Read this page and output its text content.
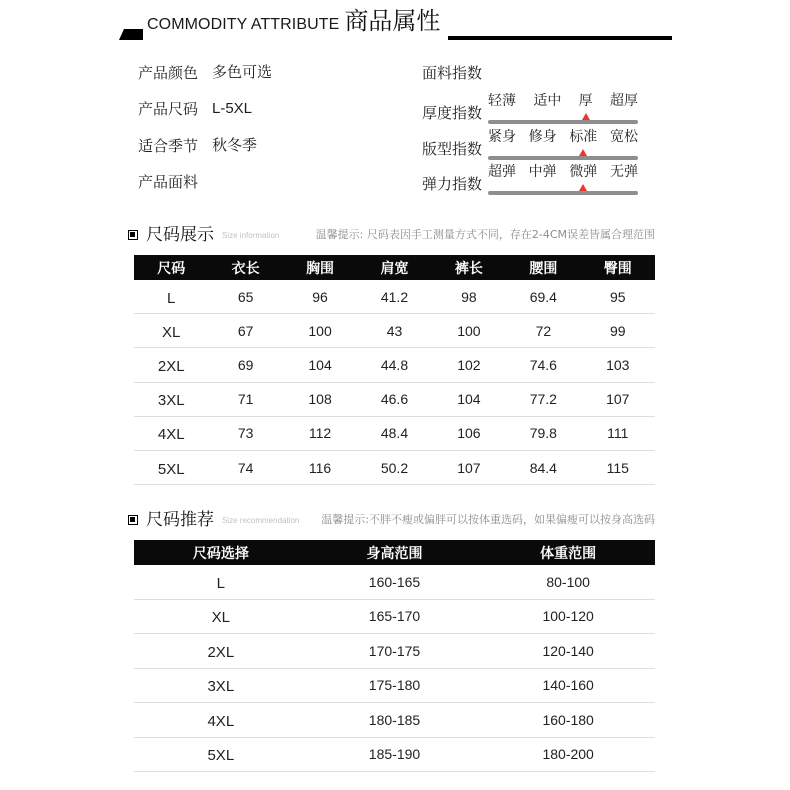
COMMODITY ATTRIBUTE 商品属性
产品颜色 多色可选
产品尺码 L-5XL
适合季节 秋冬季
产品面料
面料指数
厚度指数
轻薄 适中 厚 超厚
版型指数
紧身 修身 标准 宽松
弹力指数
超弹 中弹 微弹 无弹
尺码展示 Size information	温馨提示: 尺码表因手工测量方式不同，存在2-4CM误差皆属合理范围
尺码	衣长	胸围	肩宽	裤长	腰围	臀围
L	65	96	41.2	98	69.4	95
XL	67	100	43	100	72	99
2XL	69	104	44.8	102	74.6	103
3XL	71	108	46.6	104	77.2	107
4XL	73	112	48.4	106	79.8	111
5XL	74	116	50.2	107	84.4	115
尺码推荐 Size recommendation 温馨提示:不胖不瘦或偏胖可以按体重选码，如果偏瘦可以按身高选码
尺码选择	身高范围	体重范围
L	160-165	80-100
XL	165-170	100-120
2XL	170-175	120-140
3XL	175-180	140-160
4XL	180-185	160-180
5XL	185-190	180-200
